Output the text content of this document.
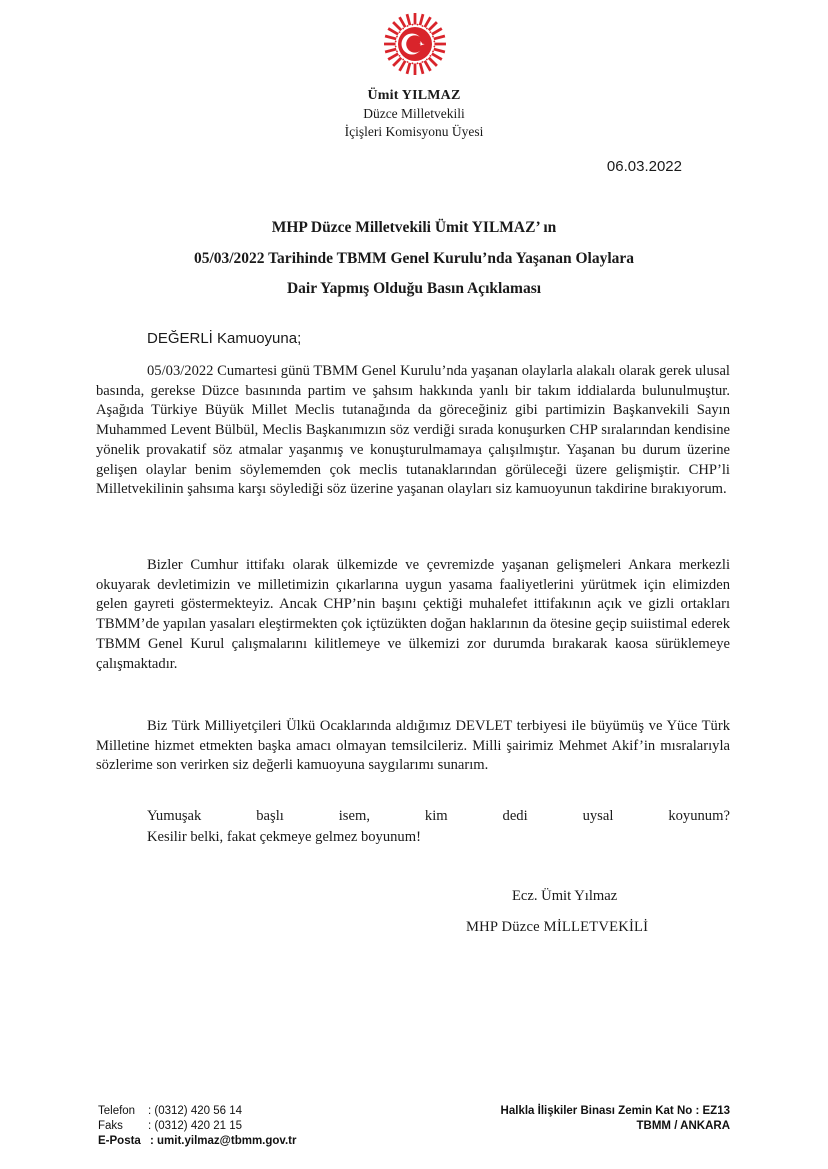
Ümit YILMAZ
Düzce Milletvekili
İçişleri Komisyonu Üyesi
06.03.2022
MHP Düzce Milletvekili Ümit YILMAZ’ ın
05/03/2022 Tarihinde TBMM Genel Kurulu’nda Yaşanan Olaylara
Dair Yapmış Olduğu Basın Açıklaması
DEĞERLİ Kamuoyuna;
05/03/2022 Cumartesi günü TBMM Genel Kurulu’nda yaşanan olaylarla alakalı olarak gerek ulusal basında, gerekse Düzce basınında partim ve şahsım hakkında yanlı bir takım iddialarda bulunulmuştur. Aşağıda Türkiye Büyük Millet Meclis tutanağında da göreceğiniz gibi partimizin Başkanvekili Sayın Muhammed Levent Bülbül, Meclis Başkanımızın söz verdiği sırada konuşurken CHP sıralarından kendisine yönelik provakatif söz atmalar yaşanmış ve konuşturulmamaya çalışılmıştır. Yaşanan bu durum üzerine gelişen olaylar benim söylememden çok meclis tutanaklarından görüleceği üzere gelişmiştir. CHP’li Milletvekilinin şahsıma karşı söylediği söz üzerine yaşanan olayları siz kamuoyunun takdirine bırakıyorum.
Bizler Cumhur ittifakı olarak ülkemizde ve çevremizde yaşanan gelişmeleri Ankara merkezli okuyarak devletimizin ve milletimizin çıkarlarına uygun yasama faaliyetlerini yürütmek için elimizden gelen gayreti göstermekteyiz. Ancak CHP’nin başını çektiği muhalefet ittifakının açık ve gizli ortakları TBMM’de yapılan yasaları eleştirmekten çok içtüzükten doğan haklarının da ötesine geçip suiistimal ederek TBMM Genel Kurul çalışmalarını kilitlemeye ve ülkemizi zor durumda bırakarak kaosa sürüklemeye çalışmaktadır.
Biz Türk Milliyetçileri Ülkü Ocaklarında aldığımız DEVLET terbiyesi ile büyümüş ve Yüce Türk Milletine hizmet etmekten başka amacı olmayan temsilcileriz. Milli şairimiz Mehmet Akif’in mısralarıyla sözlerime son verirken siz değerli kamuoyuna saygılarımı sunarım.
Yumuşak	başlı	isem,	kim	dedi	uysal	koyunum?
Kesilir belki, fakat çekmeye gelmez boyunum!
Ecz. Ümit Yılmaz
MHP Düzce MİLLETVEKİLİ
Telefon : (0312) 420 56 14
Faks : (0312) 420 21 15
E-Posta : umit.yilmaz@tbmm.gov.tr
Halkla İlişkiler Binası Zemin Kat No : EZ13
TBMM / ANKARA
